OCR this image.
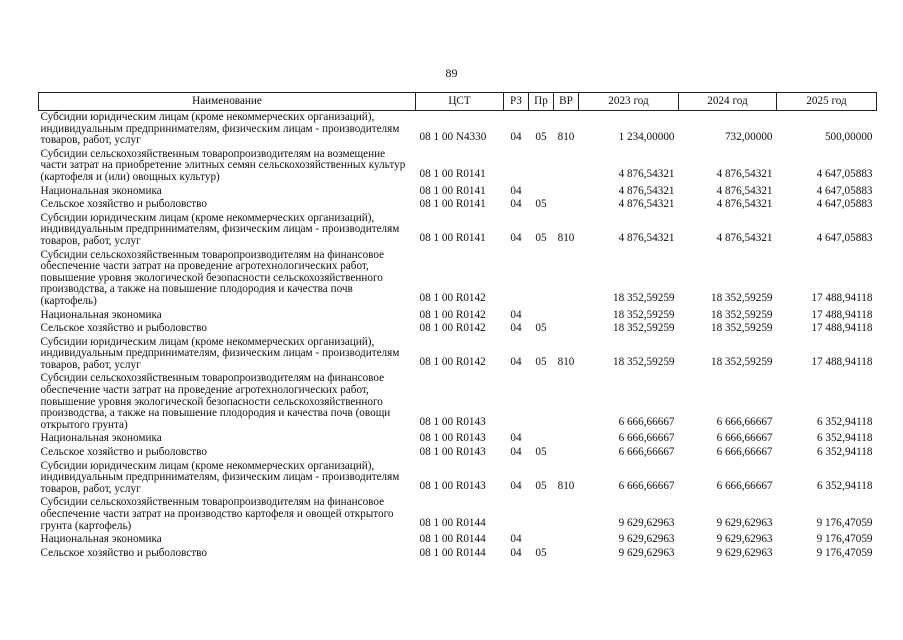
89
Наименование	ЦСТ	РЗ	Пр	ВР	2023 год	2024 год	2025 год
Субсидии юридическим лицам (кроме некоммерческих организаций), индивидуальным предпринимателям, физическим лицам - производителям товаров, работ, услуг	08 1 00 N4330	04	05	810	1 234,00000	732,00000	500,00000
Субсидии сельскохозяйственным товаропроизводителям на возмещение части затрат на приобретение элитных семян сельскохозяйственных культур (картофеля и (или) овощных культур)	08 1 00 R0141				4 876,54321	4 876,54321	4 647,05883
Национальная экономика	08 1 00 R0141	04			4 876,54321	4 876,54321	4 647,05883
Сельское хозяйство и рыболовство	08 1 00 R0141	04	05		4 876,54321	4 876,54321	4 647,05883
Субсидии юридическим лицам (кроме некоммерческих организаций), индивидуальным предпринимателям, физическим лицам - производителям товаров, работ, услуг	08 1 00 R0141	04	05	810	4 876,54321	4 876,54321	4 647,05883
Субсидии сельскохозяйственным товаропроизводителям на финансовое обеспечение части затрат на проведение агротехнологических работ, повышение уровня экологической безопасности сельскохозяйственного производства, а также на повышение плодородия и качества почв (картофель)	08 1 00 R0142				18 352,59259	18 352,59259	17 488,94118
Национальная экономика	08 1 00 R0142	04			18 352,59259	18 352,59259	17 488,94118
Сельское хозяйство и рыболовство	08 1 00 R0142	04	05		18 352,59259	18 352,59259	17 488,94118
Субсидии юридическим лицам (кроме некоммерческих организаций), индивидуальным предпринимателям, физическим лицам - производителям товаров, работ, услуг	08 1 00 R0142	04	05	810	18 352,59259	18 352,59259	17 488,94118
Субсидии сельскохозяйственным товаропроизводителям на финансовое обеспечение части затрат на проведение агротехнологических работ, повышение уровня экологической безопасности сельскохозяйственного производства, а также на повышение плодородия и качества почв (овощи открытого грунта)	08 1 00 R0143				6 666,66667	6 666,66667	6 352,94118
Национальная экономика	08 1 00 R0143	04			6 666,66667	6 666,66667	6 352,94118
Сельское хозяйство и рыболовство	08 1 00 R0143	04	05		6 666,66667	6 666,66667	6 352,94118
Субсидии юридическим лицам (кроме некоммерческих организаций), индивидуальным предпринимателям, физическим лицам - производителям товаров, работ, услуг	08 1 00 R0143	04	05	810	6 666,66667	6 666,66667	6 352,94118
Субсидии сельскохозяйственным товаропроизводителям на финансовое обеспечение части затрат на производство картофеля и овощей открытого грунта (картофель)	08 1 00 R0144				9 629,62963	9 629,62963	9 176,47059
Национальная экономика	08 1 00 R0144	04			9 629,62963	9 629,62963	9 176,47059
Сельское хозяйство и рыболовство	08 1 00 R0144	04	05		9 629,62963	9 629,62963	9 176,47059
